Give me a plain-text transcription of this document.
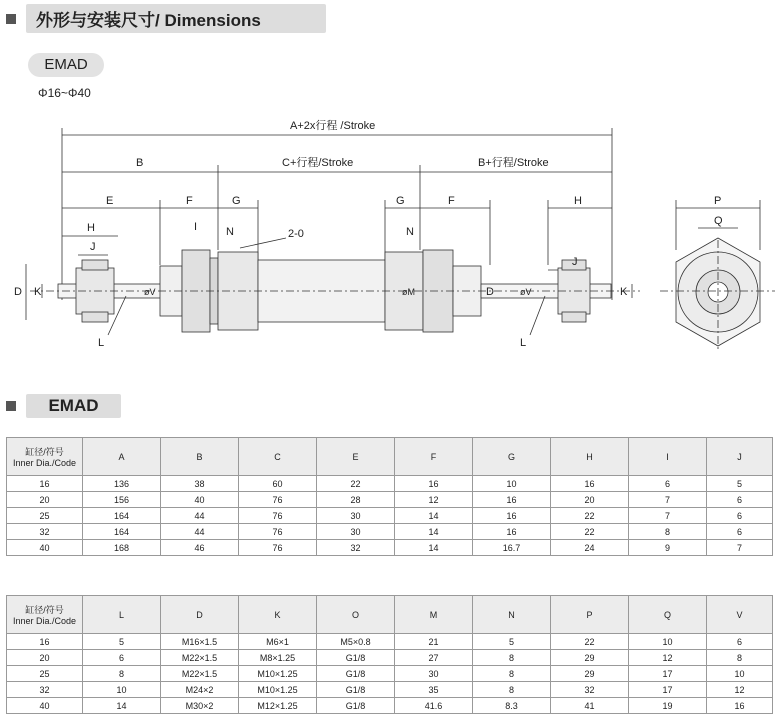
外形与安装尺寸/ Dimensions
EMAD
Φ16~Φ40
A+2x行程 /Stroke
B	C+行程/Stroke	B+行程/Stroke
E	F	G	G	F
H
H
J
J
I	N	N
2-0
D K	øV	øM	D	øV	K
L	L
P
Q
EMAD
缸径/符号
Inner Dia./Code	A	B	C	E	F	G	H	I	J
16	136	38	60	22	16	10	16	6	5
20	156	40	76	28	12	16	20	7	6
25	164	44	76	30	14	16	22	7	6
32	164	44	76	30	14	16	22	8	6
40	168	46	76	32	14	16.7	24	9	7
缸径/符号
Inner Dia./Code	L	D	K	O	M	N	P	Q	V
16	5	M16×1.5	M6×1	M5×0.8	21	5	22	10	6
20	6	M22×1.5	M8×1.25	G1/8	27	8	29	12	8
25	8	M22×1.5	M10×1.25	G1/8	30	8	29	17	10
32	10	M24×2	M10×1.25	G1/8	35	8	32	17	12
40	14	M30×2	M12×1.25	G1/8	41.6	8.3	41	19	16
